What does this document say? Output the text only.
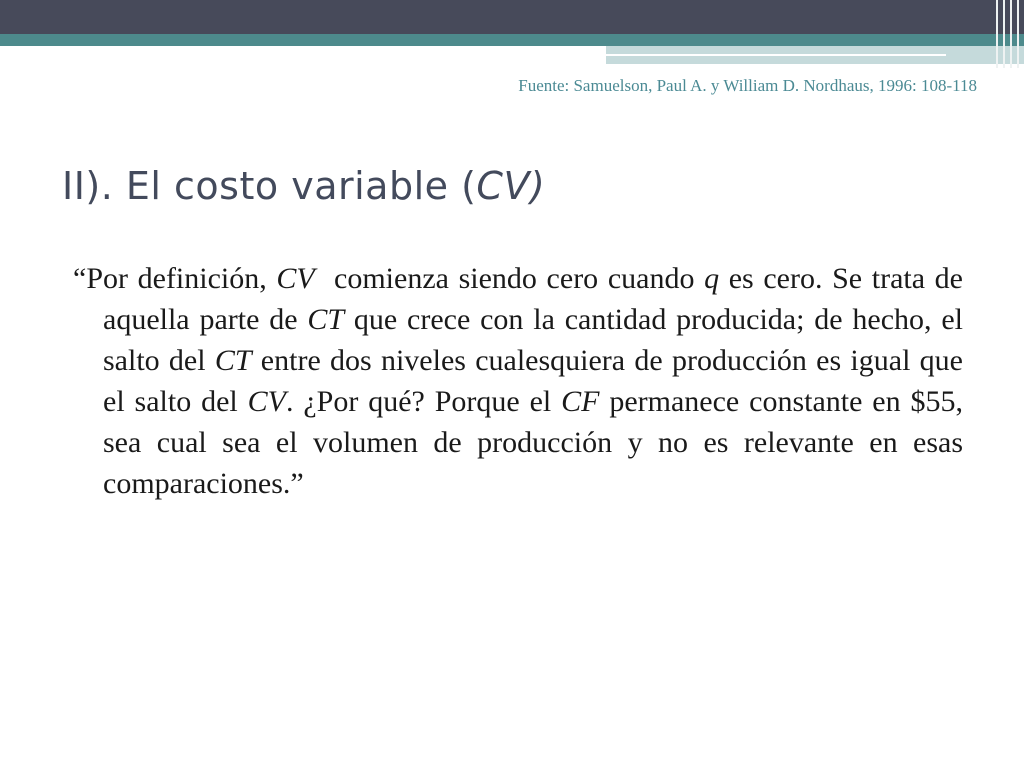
Fuente: Samuelson, Paul A. y William D. Nordhaus, 1996: 108-118

II). El costo variable (CV)

“Por definición, CV  comienza siendo cero cuando q es cero. Se trata de aquella parte de CT que crece con la cantidad producida; de hecho, el salto del CT entre dos niveles cualesquiera de producción es igual que el salto del CV. ¿Por qué? Porque el CF permanece constante en $55, sea cual sea el volumen de producción y no es relevante en esas comparaciones.”
